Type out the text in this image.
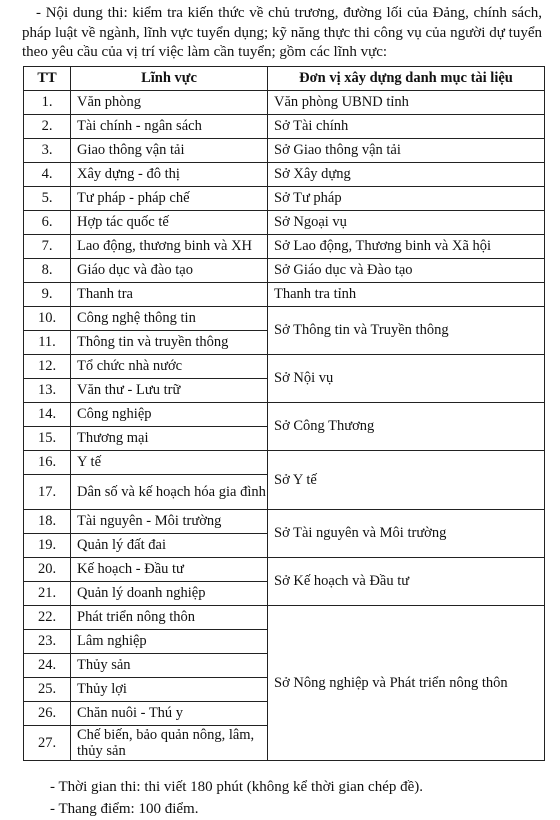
- Nội dung thi: kiểm tra kiến thức về chủ trương, đường lối của Đảng, chính sách, pháp luật về ngành, lĩnh vực tuyển dụng; kỹ năng thực thi công vụ của người dự tuyển theo yêu cầu của vị trí việc làm cần tuyển; gồm các lĩnh vực:

TT	Lĩnh vực	Đơn vị xây dựng danh mục tài liệu
1.	Văn phòng	Văn phòng UBND tỉnh
2.	Tài chính - ngân sách	Sở Tài chính
3.	Giao thông vận tải	Sở Giao thông vận tải
4.	Xây dựng - đô thị	Sở Xây dựng
5.	Tư pháp - pháp chế	Sở Tư pháp
6.	Hợp tác quốc tế	Sở Ngoại vụ
7.	Lao động, thương binh và XH	Sở Lao động, Thương binh và Xã hội
8.	Giáo dục và đào tạo	Sở Giáo dục và Đào tạo
9.	Thanh tra	Thanh tra tỉnh
10.	Công nghệ thông tin	Sở Thông tin và Truyền thông
11.	Thông tin và truyền thông	
12.	Tổ chức nhà nước	Sở Nội vụ
13.	Văn thư - Lưu trữ	
14.	Công nghiệp	Sở Công Thương
15.	Thương mại	
16.	Y tế	Sở Y tế
17.	Dân số và kế hoạch hóa gia đình	
18.	Tài nguyên - Môi trường	Sở Tài nguyên và Môi trường
19.	Quản lý đất đai	
20.	Kế hoạch - Đầu tư	Sở Kế hoạch và Đầu tư
21.	Quản lý doanh nghiệp	
22.	Phát triển nông thôn	Sở Nông nghiệp và Phát triển nông thôn
23.	Lâm nghiệp	
24.	Thủy sản	
25.	Thủy lợi	
26.	Chăn nuôi - Thú y	
27.	Chế biến, bảo quản nông, lâm, thủy sản	
- Thời gian thi: thi viết 180 phút (không kể thời gian chép đề).
- Thang điểm: 100 điểm.
